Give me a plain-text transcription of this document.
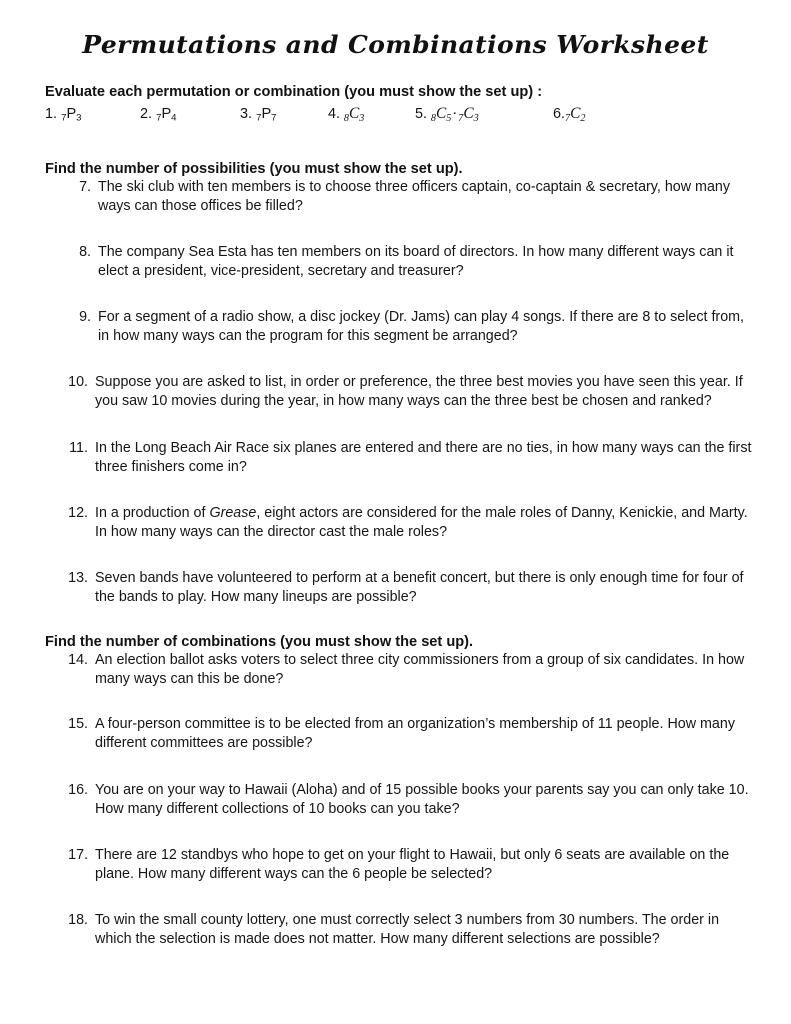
Permutations and Combinations Worksheet
Evaluate each permutation or combination (you must show the set up) :
1. $7P_3$	2. $7P_4$	3. $7P_7$	4. $8C_3$	5. $8C_5\cdot 7C_3$	$6.7C_2$
Find the number of possibilities (you must show the set up).
7. The ski club with ten members is to choose three officers captain, co-captain & secretary, how many ways can those offices be filled?
8. The company Sea Esta has ten members on its board of directors. In how many different ways can it elect a president, vice-president, secretary and treasurer?
9. For a segment of a radio show, a disc jockey (Dr. Jams) can play 4 songs. If there are 8 to select from, in how many ways can the program for this segment be arranged?
10. Suppose you are asked to list, in order or preference, the three best movies you have seen this year. If you saw 10 movies during the year, in how many ways can the three best be chosen and ranked?
11. In the Long Beach Air Race six planes are entered and there are no ties, in how many ways can the first three finishers come in?
12. In a production of Grease, eight actors are considered for the male roles of Danny, Kenickie, and Marty. In how many ways can the director cast the male roles?
13. Seven bands have volunteered to perform at a benefit concert, but there is only enough time for four of the bands to play. How many lineups are possible?
Find the number of combinations (you must show the set up).
14. An election ballot asks voters to select three city commissioners from a group of six candidates. In how many ways can this be done?
15. A four-person committee is to be elected from an organization’s membership of 11 people. How many different committees are possible?
16. You are on your way to Hawaii (Aloha) and of 15 possible books your parents say you can only take 10. How many different collections of 10 books can you take?
17. There are 12 standbys who hope to get on your flight to Hawaii, but only 6 seats are available on the plane. How many different ways can the 6 people be selected?
18. To win the small county lottery, one must correctly select 3 numbers from 30 numbers. The order in which the selection is made does not matter. How many different selections are possible?
